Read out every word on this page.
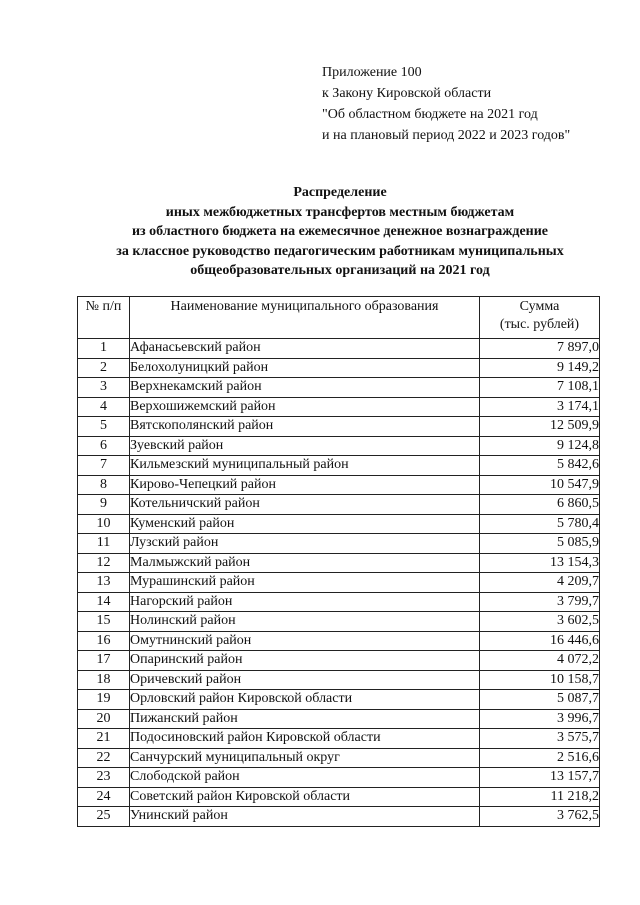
Приложение 100
к Закону Кировской области
"Об областном бюджете на 2021 год
и на плановый период 2022 и 2023 годов"
Распределение
иных межбюджетных трансфертов местным бюджетам
из областного бюджета на ежемесячное денежное вознаграждение
за классное руководство педагогическим работникам муниципальных
общеобразовательных организаций на 2021 год
№ п/п	Наименование муниципального образования	Сумма
(тыс. рублей)

1	Афанасьевский район	7 897,0
2	Белохолуницкий район	9 149,2
3	Верхнекамский район	7 108,1
4	Верхошижемский район	3 174,1
5	Вятскополянский район	12 509,9
6	Зуевский район	9 124,8
7	Кильмезский муниципальный район	5 842,6
8	Кирово-Чепецкий район	10 547,9
9	Котельничский район	6 860,5
10	Куменский район	5 780,4
11	Лузский район	5 085,9
12	Малмыжский район	13 154,3
13	Мурашинский район	4 209,7
14	Нагорский район	3 799,7
15	Нолинский район	3 602,5
16	Омутнинский район	16 446,6
17	Опаринский район	4 072,2
18	Оричевский район	10 158,7
19	Орловский район Кировской области	5 087,7
20	Пижанский район	3 996,7
21	Подосиновский район Кировской области	3 575,7
22	Санчурский муниципальный округ	2 516,6
23	Слободской район	13 157,7
24	Советский район Кировской области	11 218,2
25	Унинский район	3 762,5
